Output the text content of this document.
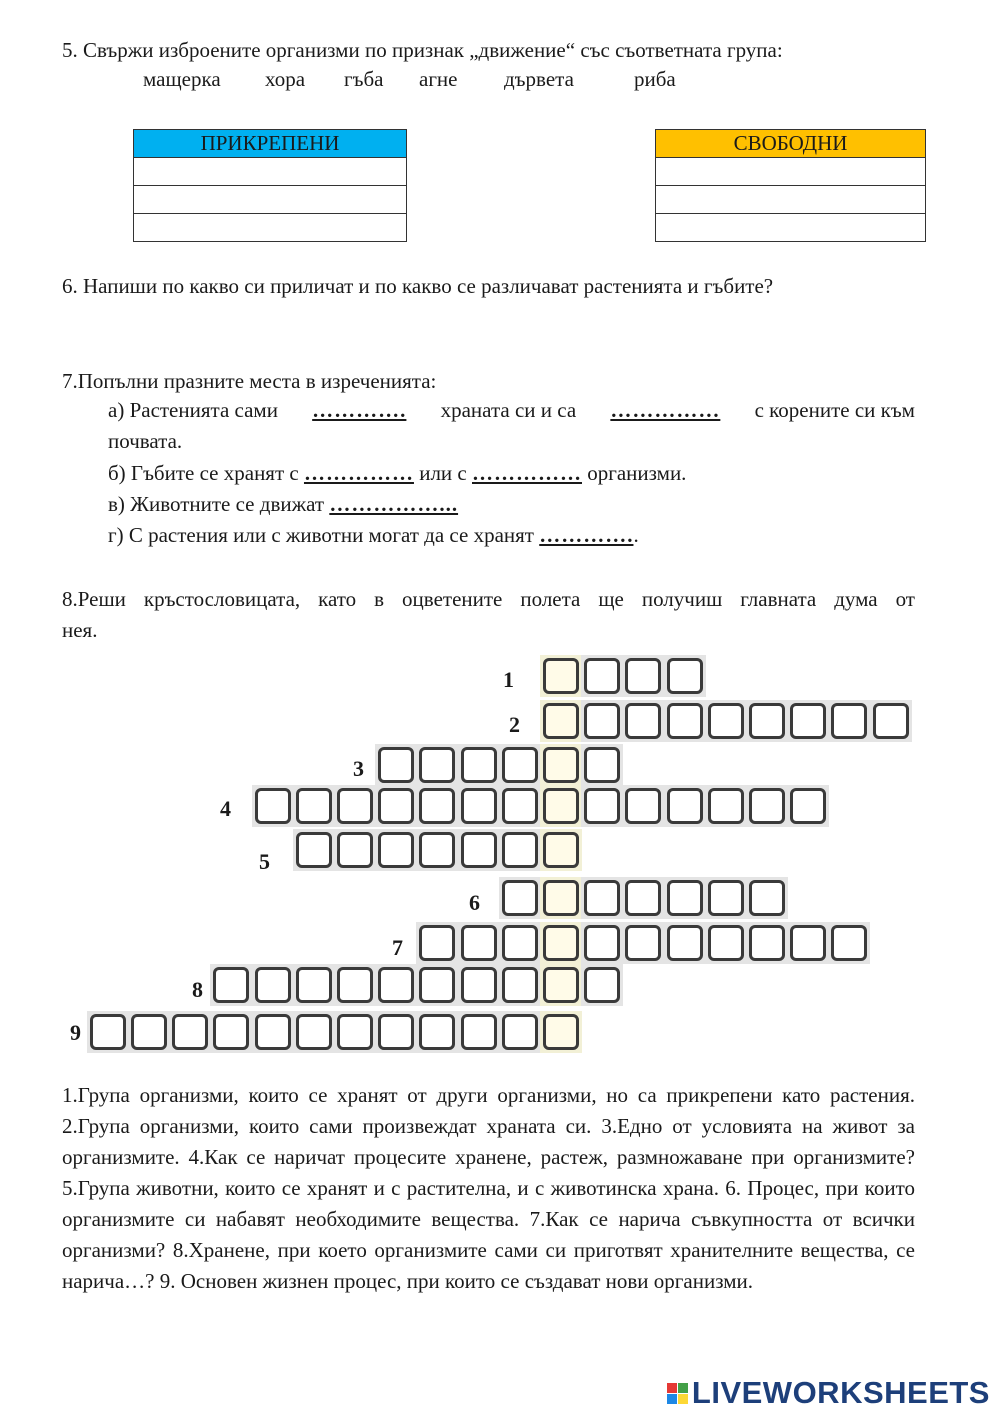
5. Свържи изброените организми по признак „движение“ със съответната група:
мащерка хора гъба агне дървета	риба
ПРИКРЕПЕНИ	СВОБОДНИ

6. Напиши по какво си приличат и по какво се различават растенията и гъбите?
7.Попълни празните места в изреченията:
а) Растенията сами …………. храната си и са …………… с корените си към
почвата.
б) Гъбите се хранят с …………… или с …………… организми.
в) Животните се движат ……………...
г) С растения или с животни могат да се хранят …………..
8.Реши кръстословицата, като в оцветените полета ще получиш главната дума от
нея.
1
2
3
4
5
6
7
8
9
1.Група организми, които се хранят от други организми, но са прикрепени като растения. 2.Група организми, които сами произвеждат храната си. 3.Едно от условията на живот за организмите. 4.Как се наричат процесите хранене, растеж, размножаване при организмите? 5.Група животни, които се хранят и с растителна, и с животинска храна. 6. Процес, при които организмите си набавят необходимите вещества. 7.Как се нарича съвкупността от всички организми? 8.Хранене, при което организмите сами си приготвят хранителните вещества, се нарича…? 9. Основен жизнен процес, при които се създават нови организми.
LIVEWORKSHEETS
